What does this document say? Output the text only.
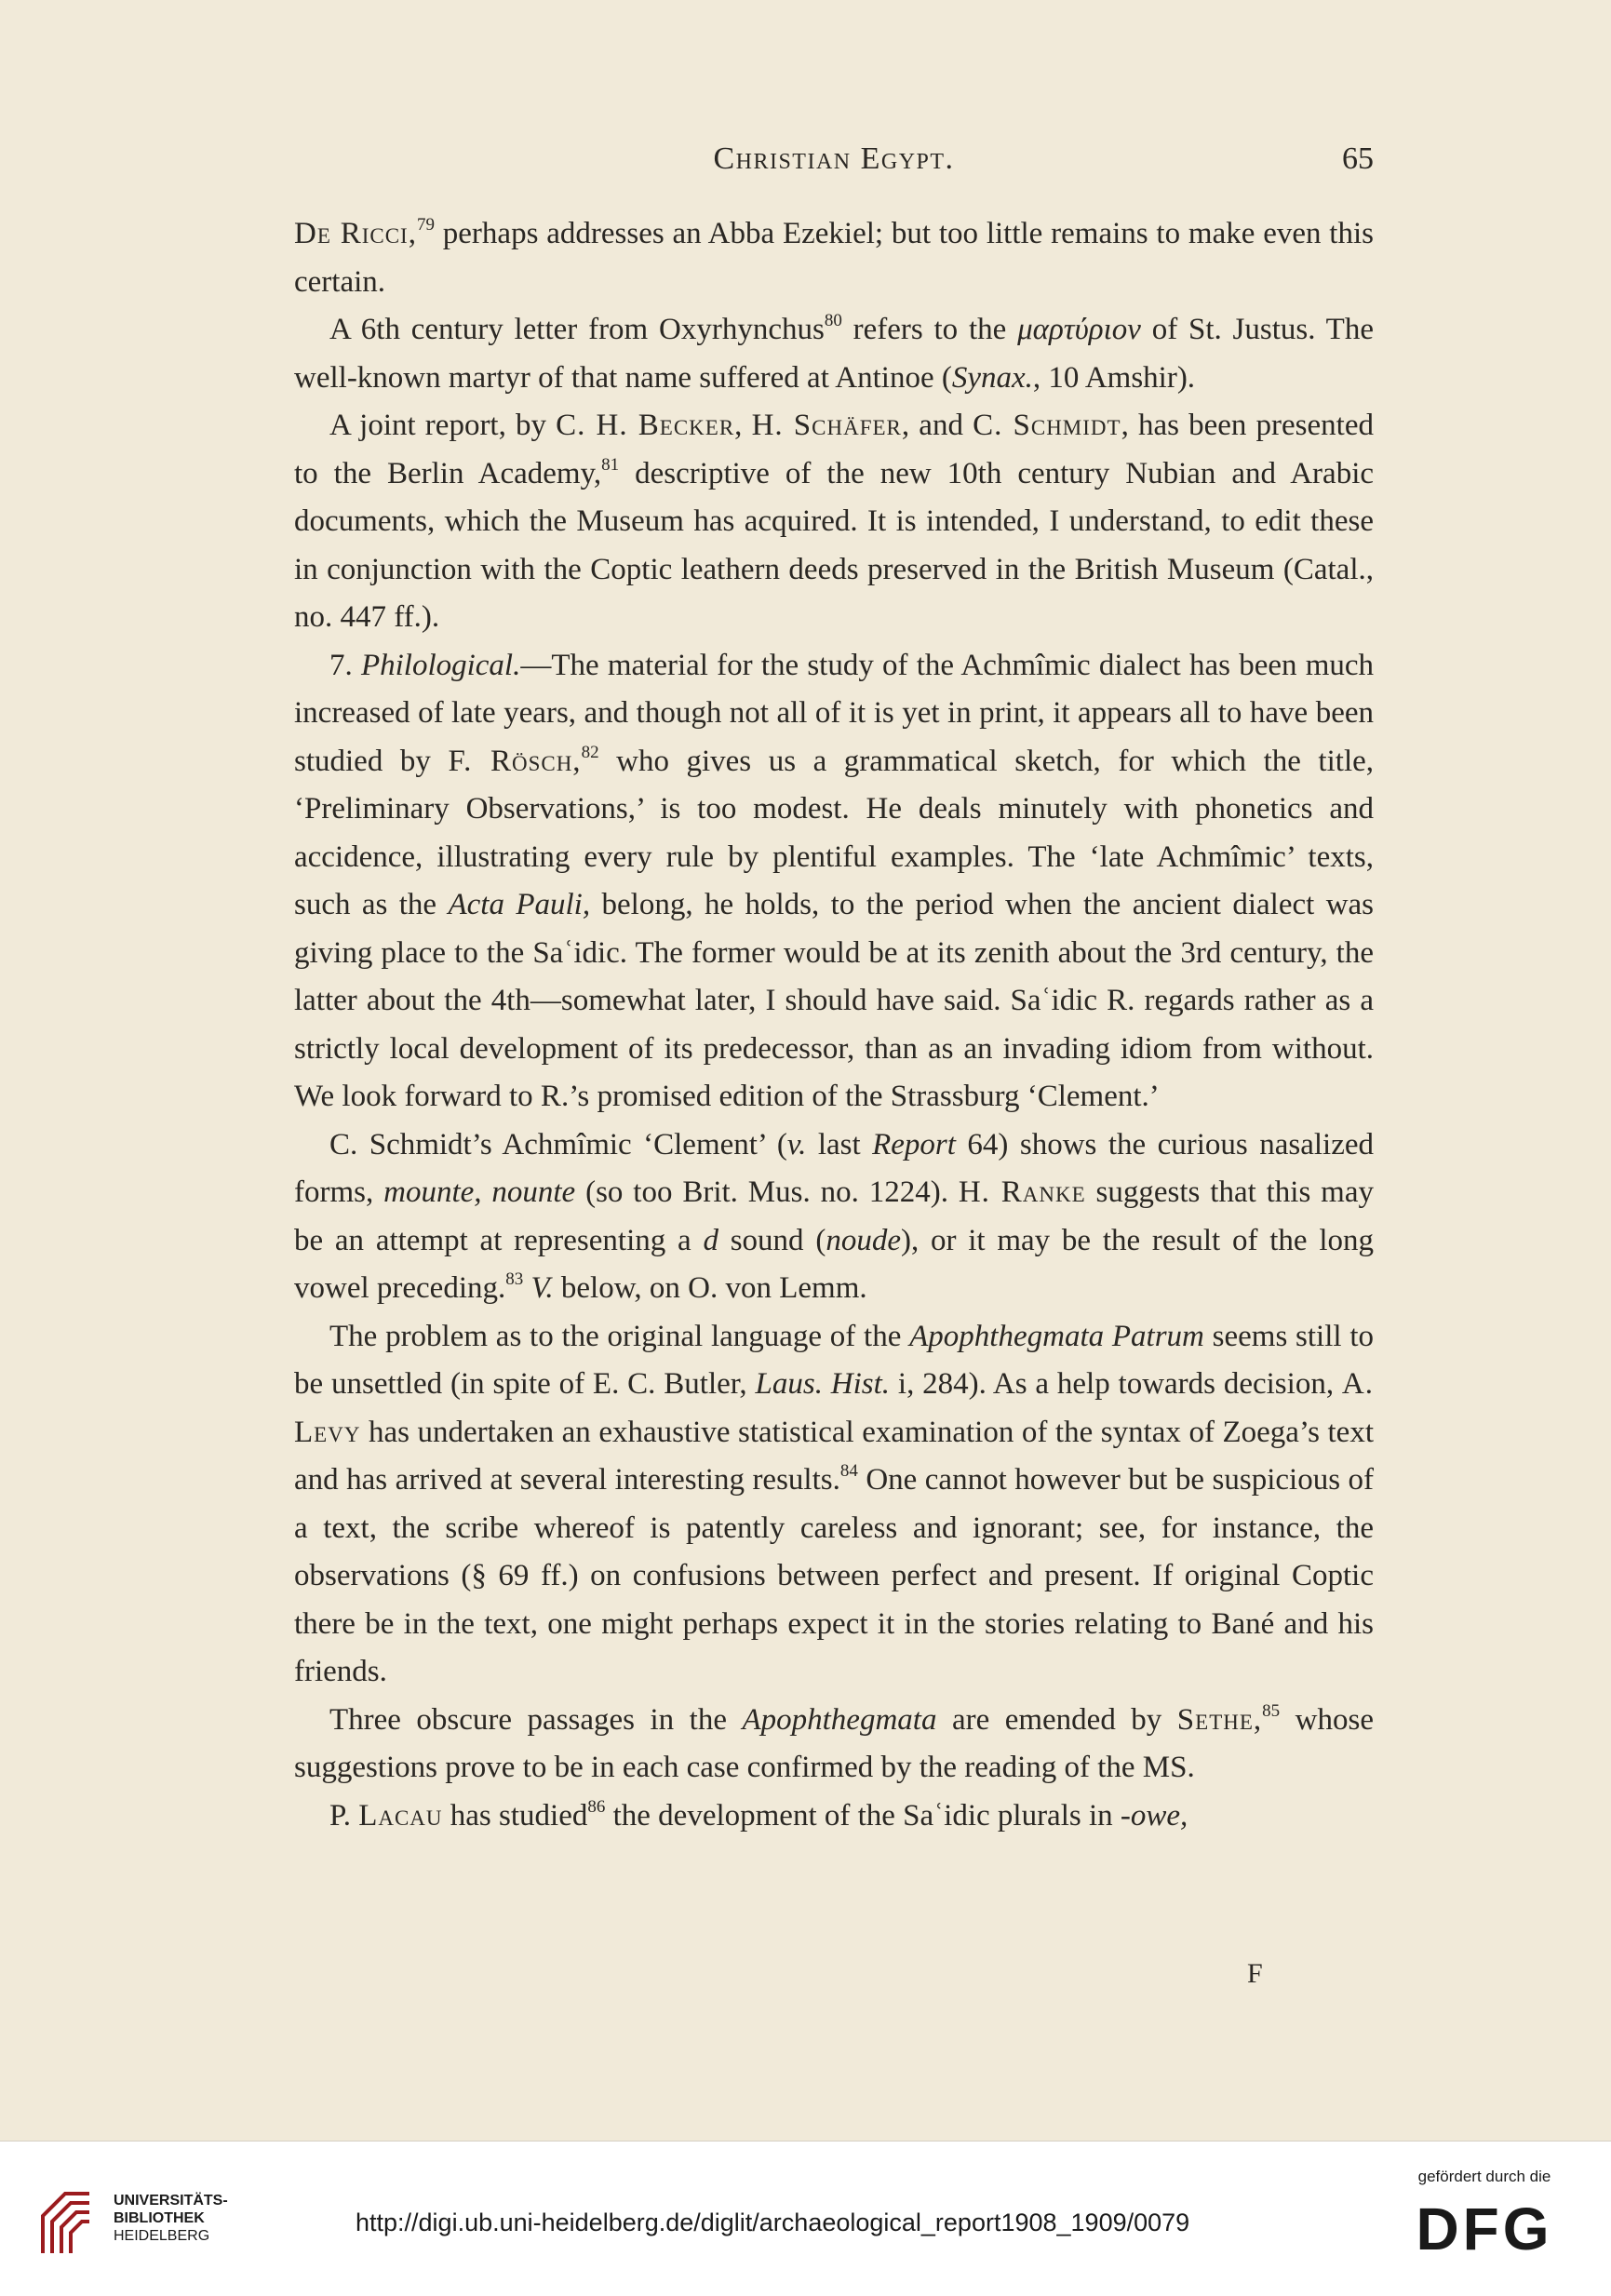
Christian Egypt.	65

De Ricci,$^{79}$ perhaps addresses an Abba Ezekiel; but too little remains to make even this certain.

A 6th century letter from Oxyrhynchus$^{80}$ refers to the μαρτύριον of St. Justus. The well-known martyr of that name suffered at Antinoe (Synax., 10 Amshir).

A joint report, by C. H. Becker, H. Schäfer, and C. Schmidt, has been presented to the Berlin Academy,$^{81}$ descriptive of the new 10th century Nubian and Arabic documents, which the Museum has acquired. It is intended, I understand, to edit these in conjunction with the Coptic leathern deeds preserved in the British Museum (Catal., no. 447 ff.).

7. Philological.—The material for the study of the Achmîmic dialect has been much increased of late years, and though not all of it is yet in print, it appears all to have been studied by F. Rösch,$^{82}$ who gives us a grammatical sketch, for which the title, ‘Preliminary Observations,’ is too modest. He deals minutely with phonetics and accidence, illustrating every rule by plentiful examples. The ‘late Achmîmic’ texts, such as the Acta Pauli, belong, he holds, to the period when the ancient dialect was giving place to the Saʿidic. The former would be at its zenith about the 3rd century, the latter about the 4th—somewhat later, I should have said. Saʿidic R. regards rather as a strictly local development of its predecessor, than as an invading idiom from without. We look forward to R.’s promised edition of the Strassburg ‘Clement.’

C. Schmidt’s Achmîmic ‘Clement’ (v. last Report 64) shows the curious nasalized forms, mounte, nounte (so too Brit. Mus. no. 1224). H. Ranke suggests that this may be an attempt at representing a d sound (noude), or it may be the result of the long vowel preceding.$^{83}$ V. below, on O. von Lemm.

The problem as to the original language of the Apophthegmata Patrum seems still to be unsettled (in spite of E. C. Butler, Laus. Hist. i, 284). As a help towards decision, A. Levy has undertaken an exhaustive statistical examination of the syntax of Zoega’s text and has arrived at several interesting results.$^{84}$ One cannot however but be suspicious of a text, the scribe whereof is patently careless and ignorant; see, for instance, the observations (§ 69 ff.) on confusions between perfect and present. If original Coptic there be in the text, one might perhaps expect it in the stories relating to Bané and his friends.

Three obscure passages in the Apophthegmata are emended by Sethe,$^{85}$ whose suggestions prove to be in each case confirmed by the reading of the MS.

P. Lacau has studied$^{86}$ the development of the Saʿidic plurals in -owe,

F
UNIVERSITÄTS-
BIBLIOTHEK
HEIDELBERG	http://digi.ub.uni-heidelberg.de/diglit/archaeological_report1908_1909/0079
gefördert durch die
DFG
